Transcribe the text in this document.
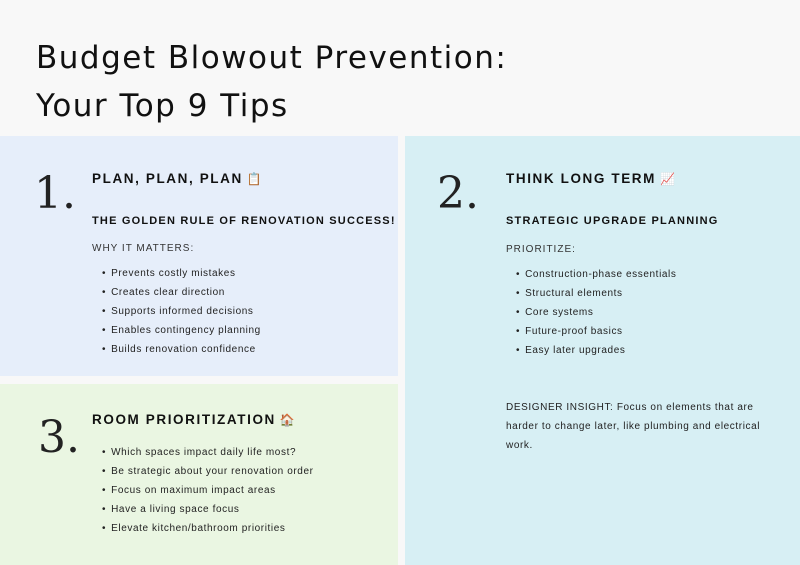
Budget Blowout Prevention:
Your Top 9 Tips
1. PLAN, PLAN, PLAN 📋
THE GOLDEN RULE OF RENOVATION SUCCESS!
WHY IT MATTERS:
• Prevents costly mistakes
• Creates clear direction
• Supports informed decisions
• Enables contingency planning
• Builds renovation confidence
2. THINK LONG TERM 📈
STRATEGIC UPGRADE PLANNING
PRIORITIZE:
• Construction-phase essentials
• Structural elements
• Core systems
• Future-proof basics
• Easy later upgrades
DESIGNER INSIGHT: Focus on elements that are harder to change later, like plumbing and electrical work.
3. ROOM PRIORITIZATION 🏠
• Which spaces impact daily life most?
• Be strategic about your renovation order
• Focus on maximum impact areas
• Have a living space focus
• Elevate kitchen/bathroom priorities
